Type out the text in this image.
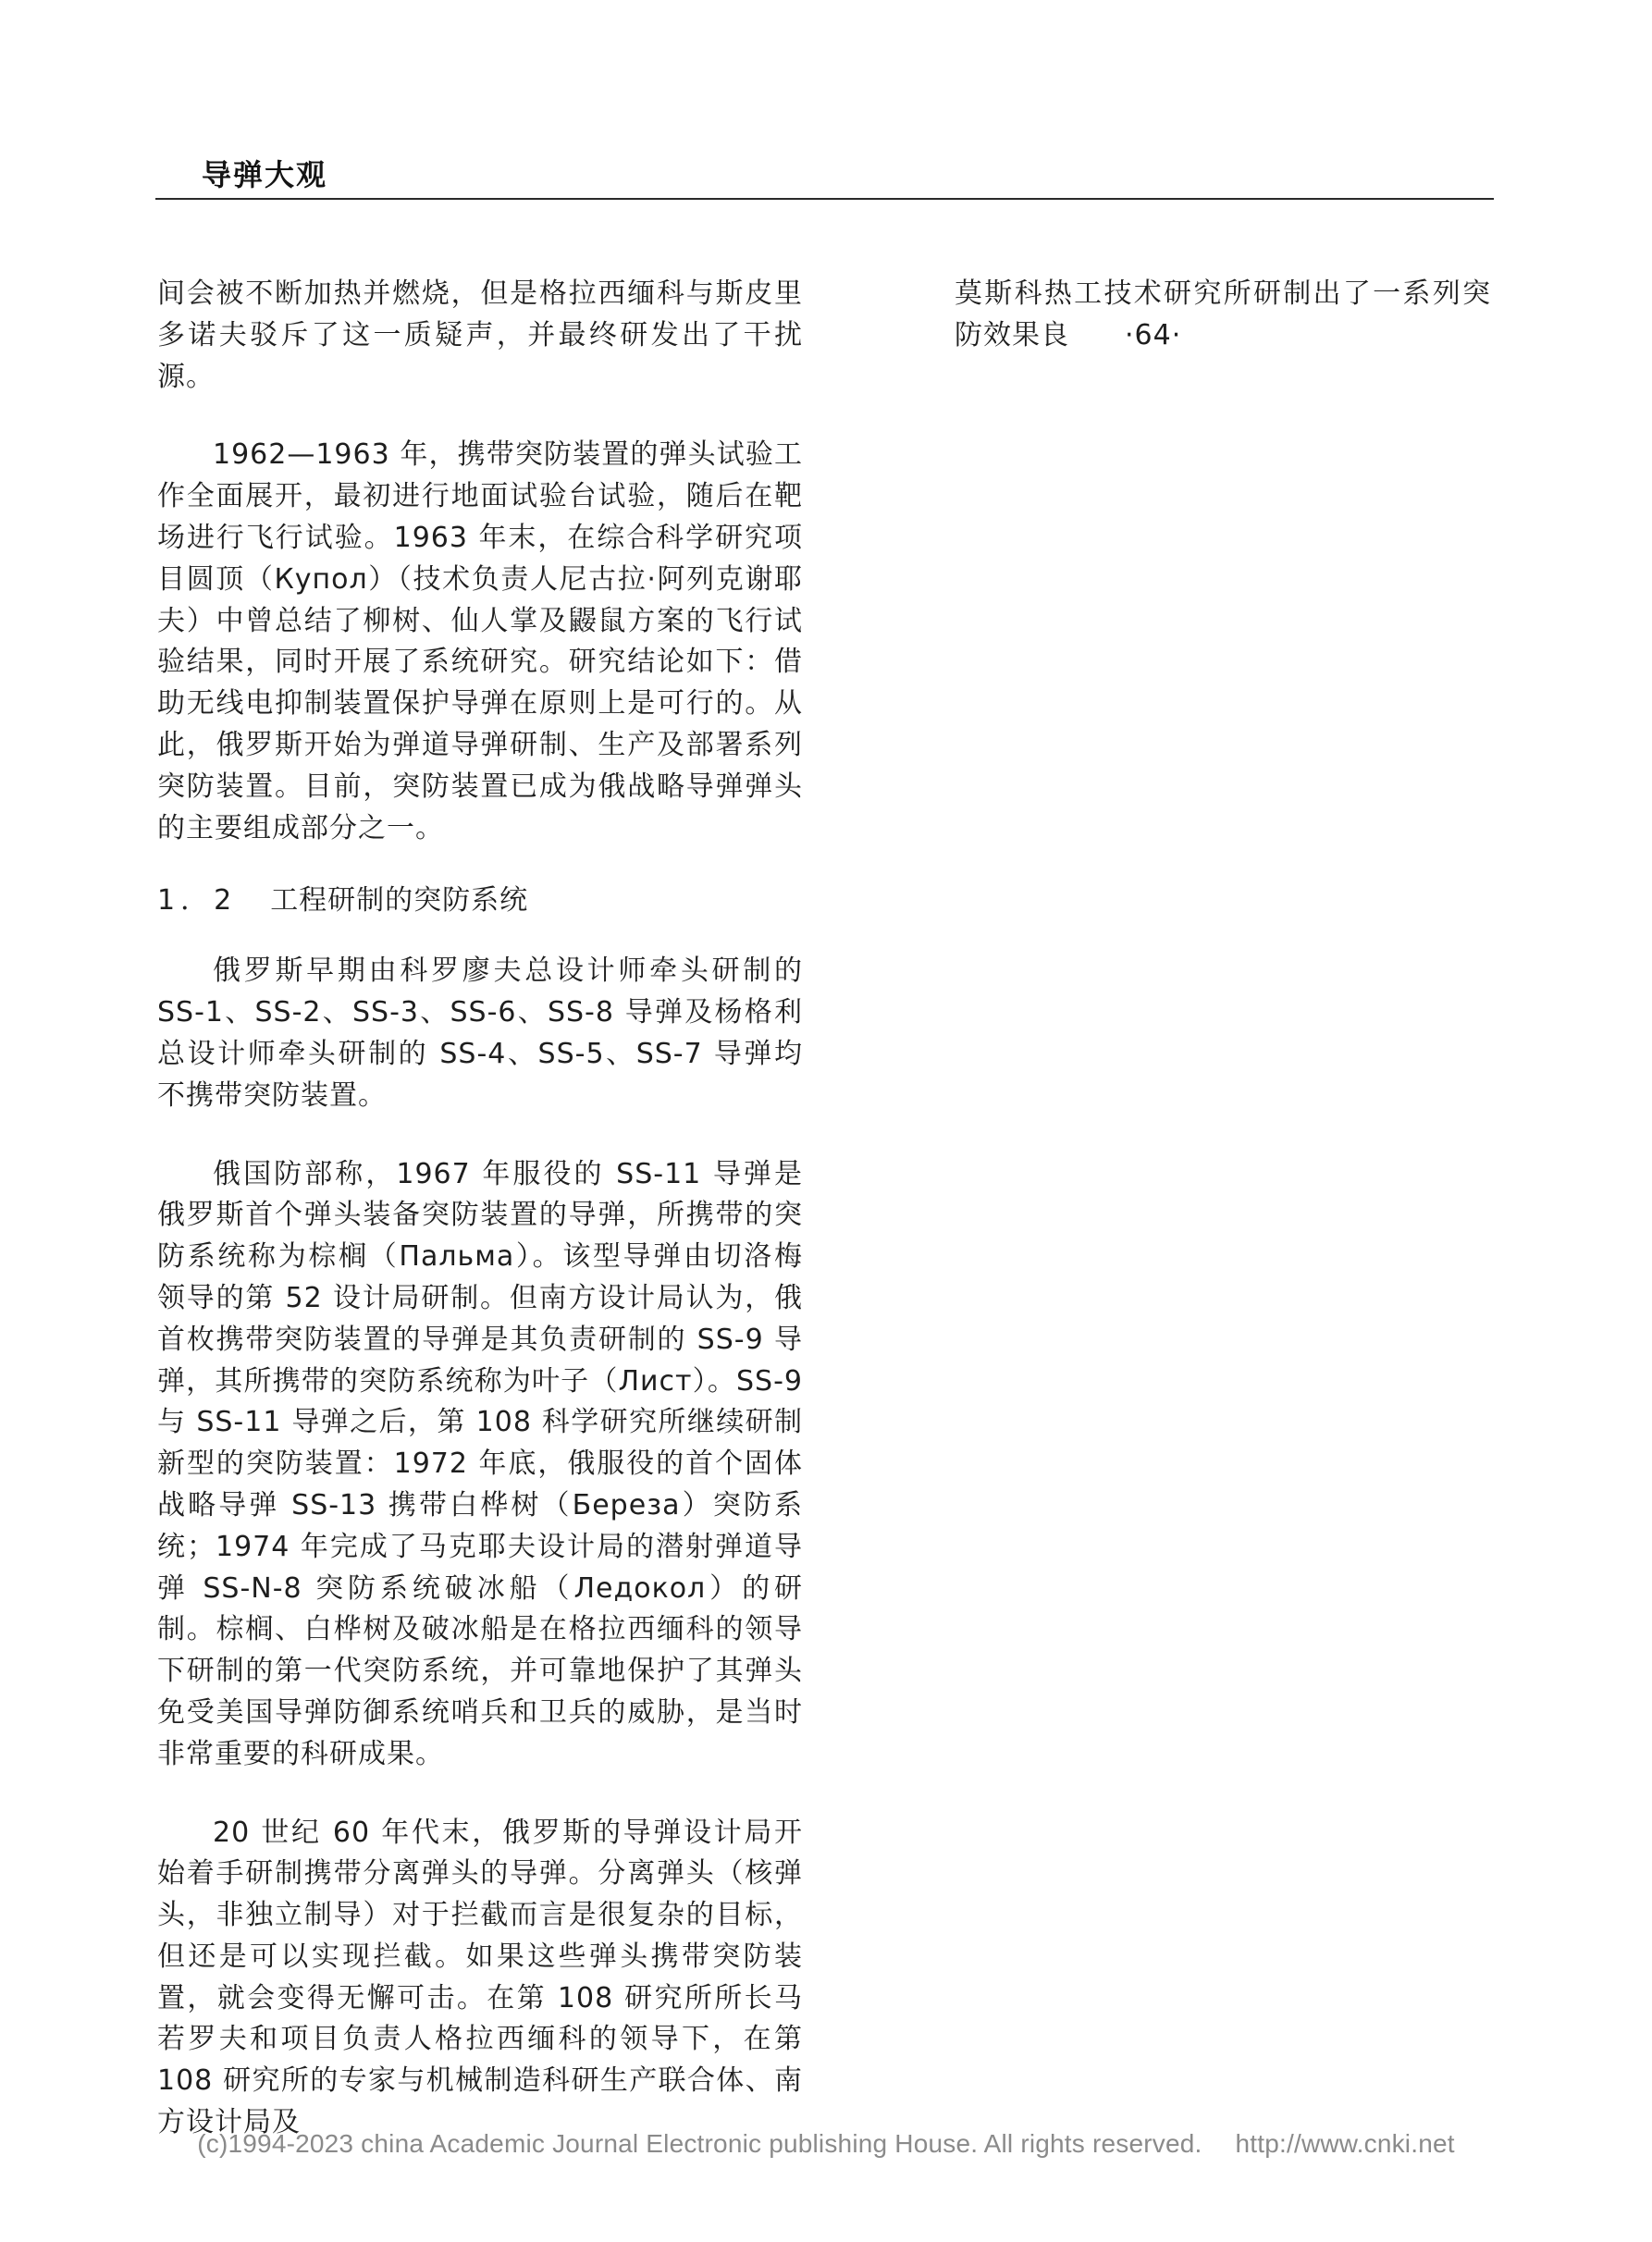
导弹大观

间会被不断加热并燃烧，但是格拉西缅科与斯皮里多诺夫驳斥了这一质疑声，并最终研发出了干扰源。

1962—1963 年，携带突防装置的弹头试验工作全面展开，最初进行地面试验台试验，随后在靶场进行飞行试验。1963 年末，在综合科学研究项目圆顶（Купол）（技术负责人尼古拉·阿列克谢耶夫）中曾总结了柳树、仙人掌及鼹鼠方案的飞行试验结果，同时开展了系统研究。研究结论如下：借助无线电抑制装置保护导弹在原则上是可行的。从此，俄罗斯开始为弹道导弹研制、生产及部署系列突防装置。目前，突防装置已成为俄战略导弹弹头的主要组成部分之一。

1．2 工程研制的突防系统

俄罗斯早期由科罗廖夫总设计师牵头研制的 SS-1、SS-2、SS-3、SS-6、SS-8 导弹及杨格利总设计师牵头研制的 SS-4、SS-5、SS-7 导弹均不携带突防装置。

俄国防部称，1967 年服役的 SS-11 导弹是俄罗斯首个弹头装备突防装置的导弹，所携带的突防系统称为棕榈（Пальма）。该型导弹由切洛梅领导的第 52 设计局研制。但南方设计局认为，俄首枚携带突防装置的导弹是其负责研制的 SS-9 导弹，其所携带的突防系统称为叶子（Лист）。SS-9 与 SS-11 导弹之后，第 108 科学研究所继续研制新型的突防装置：1972 年底，俄服役的首个固体战略导弹 SS-13 携带白桦树（Береза）突防系统；1974 年完成了马克耶夫设计局的潜射弹道导弹 SS-N-8 突防系统破冰船（Ледокол）的研制。棕榈、白桦树及破冰船是在格拉西缅科的领导下研制的第一代突防系统，并可靠地保护了其弹头免受美国导弹防御系统哨兵和卫兵的威胁，是当时非常重要的科研成果。

20 世纪 60 年代末，俄罗斯的导弹设计局开始着手研制携带分离弹头的导弹。分离弹头（核弹头，非独立制导）对于拦截而言是很复杂的目标，但还是可以实现拦截。如果这些弹头携带突防装置，就会变得无懈可击。在第 108 研究所所长马若罗夫和项目负责人格拉西缅科的领导下，在第 108 研究所的专家与机械制造科研生产联合体、南方设计局及

莫斯科热工技术研究所研制出了一系列突防效果良 ·64·

(c)1994-2023 china Academic Journal Electronic publishing House. All rights reserved. http://www.cnki.net
